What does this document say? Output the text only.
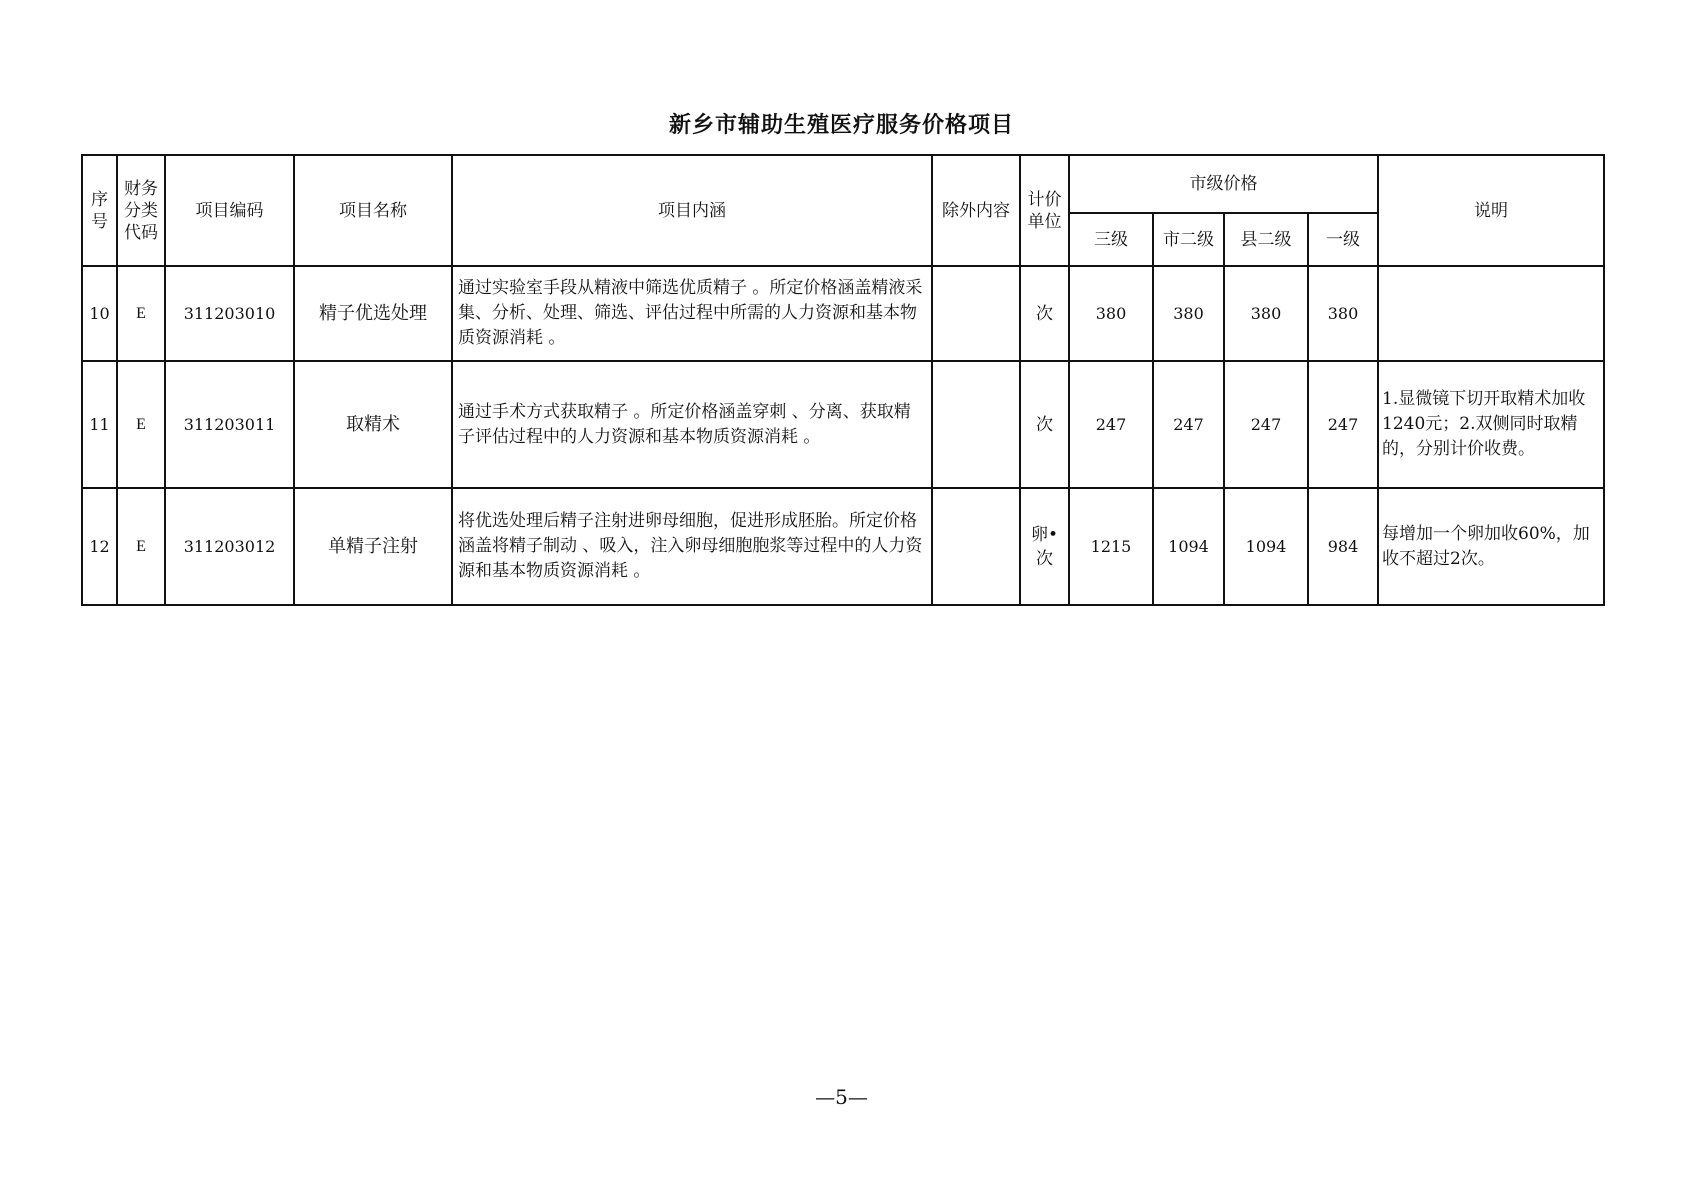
新乡市辅助生殖医疗服务价格项目
序号	财务分类代码	项目编码	项目名称	项目内涵	除外内容	计价单位	市级价格				说明
							三级	市二级	县二级	一级	
10	E	311203010	精子优选处理	通过实验室手段从精液中筛选优质精子 。所定价格涵盖精液采集、分析、处理、筛选、评估过程中所需的人力资源和基本物质资源消耗 。		次	380	380	380	380	
11	E	311203011	取精术	通过手术方式获取精子 。所定价格涵盖穿刺 、分离、获取精子评估过程中的人力资源和基本物质资源消耗 。		次	247	247	247	247	1.显微镜下切开取精术加收1240元；2.双侧同时取精的，分别计价收费。
12	E	311203012	单精子注射	将优选处理后精子注射进卵母细胞，促进形成胚胎。所定价格涵盖将精子制动 、吸入，注入卵母细胞胞浆等过程中的人力资源和基本物质资源消耗 。		卵•次	1215	1094	1094	984	每增加一个卵加收60%，加收不超过2次。
—5—
